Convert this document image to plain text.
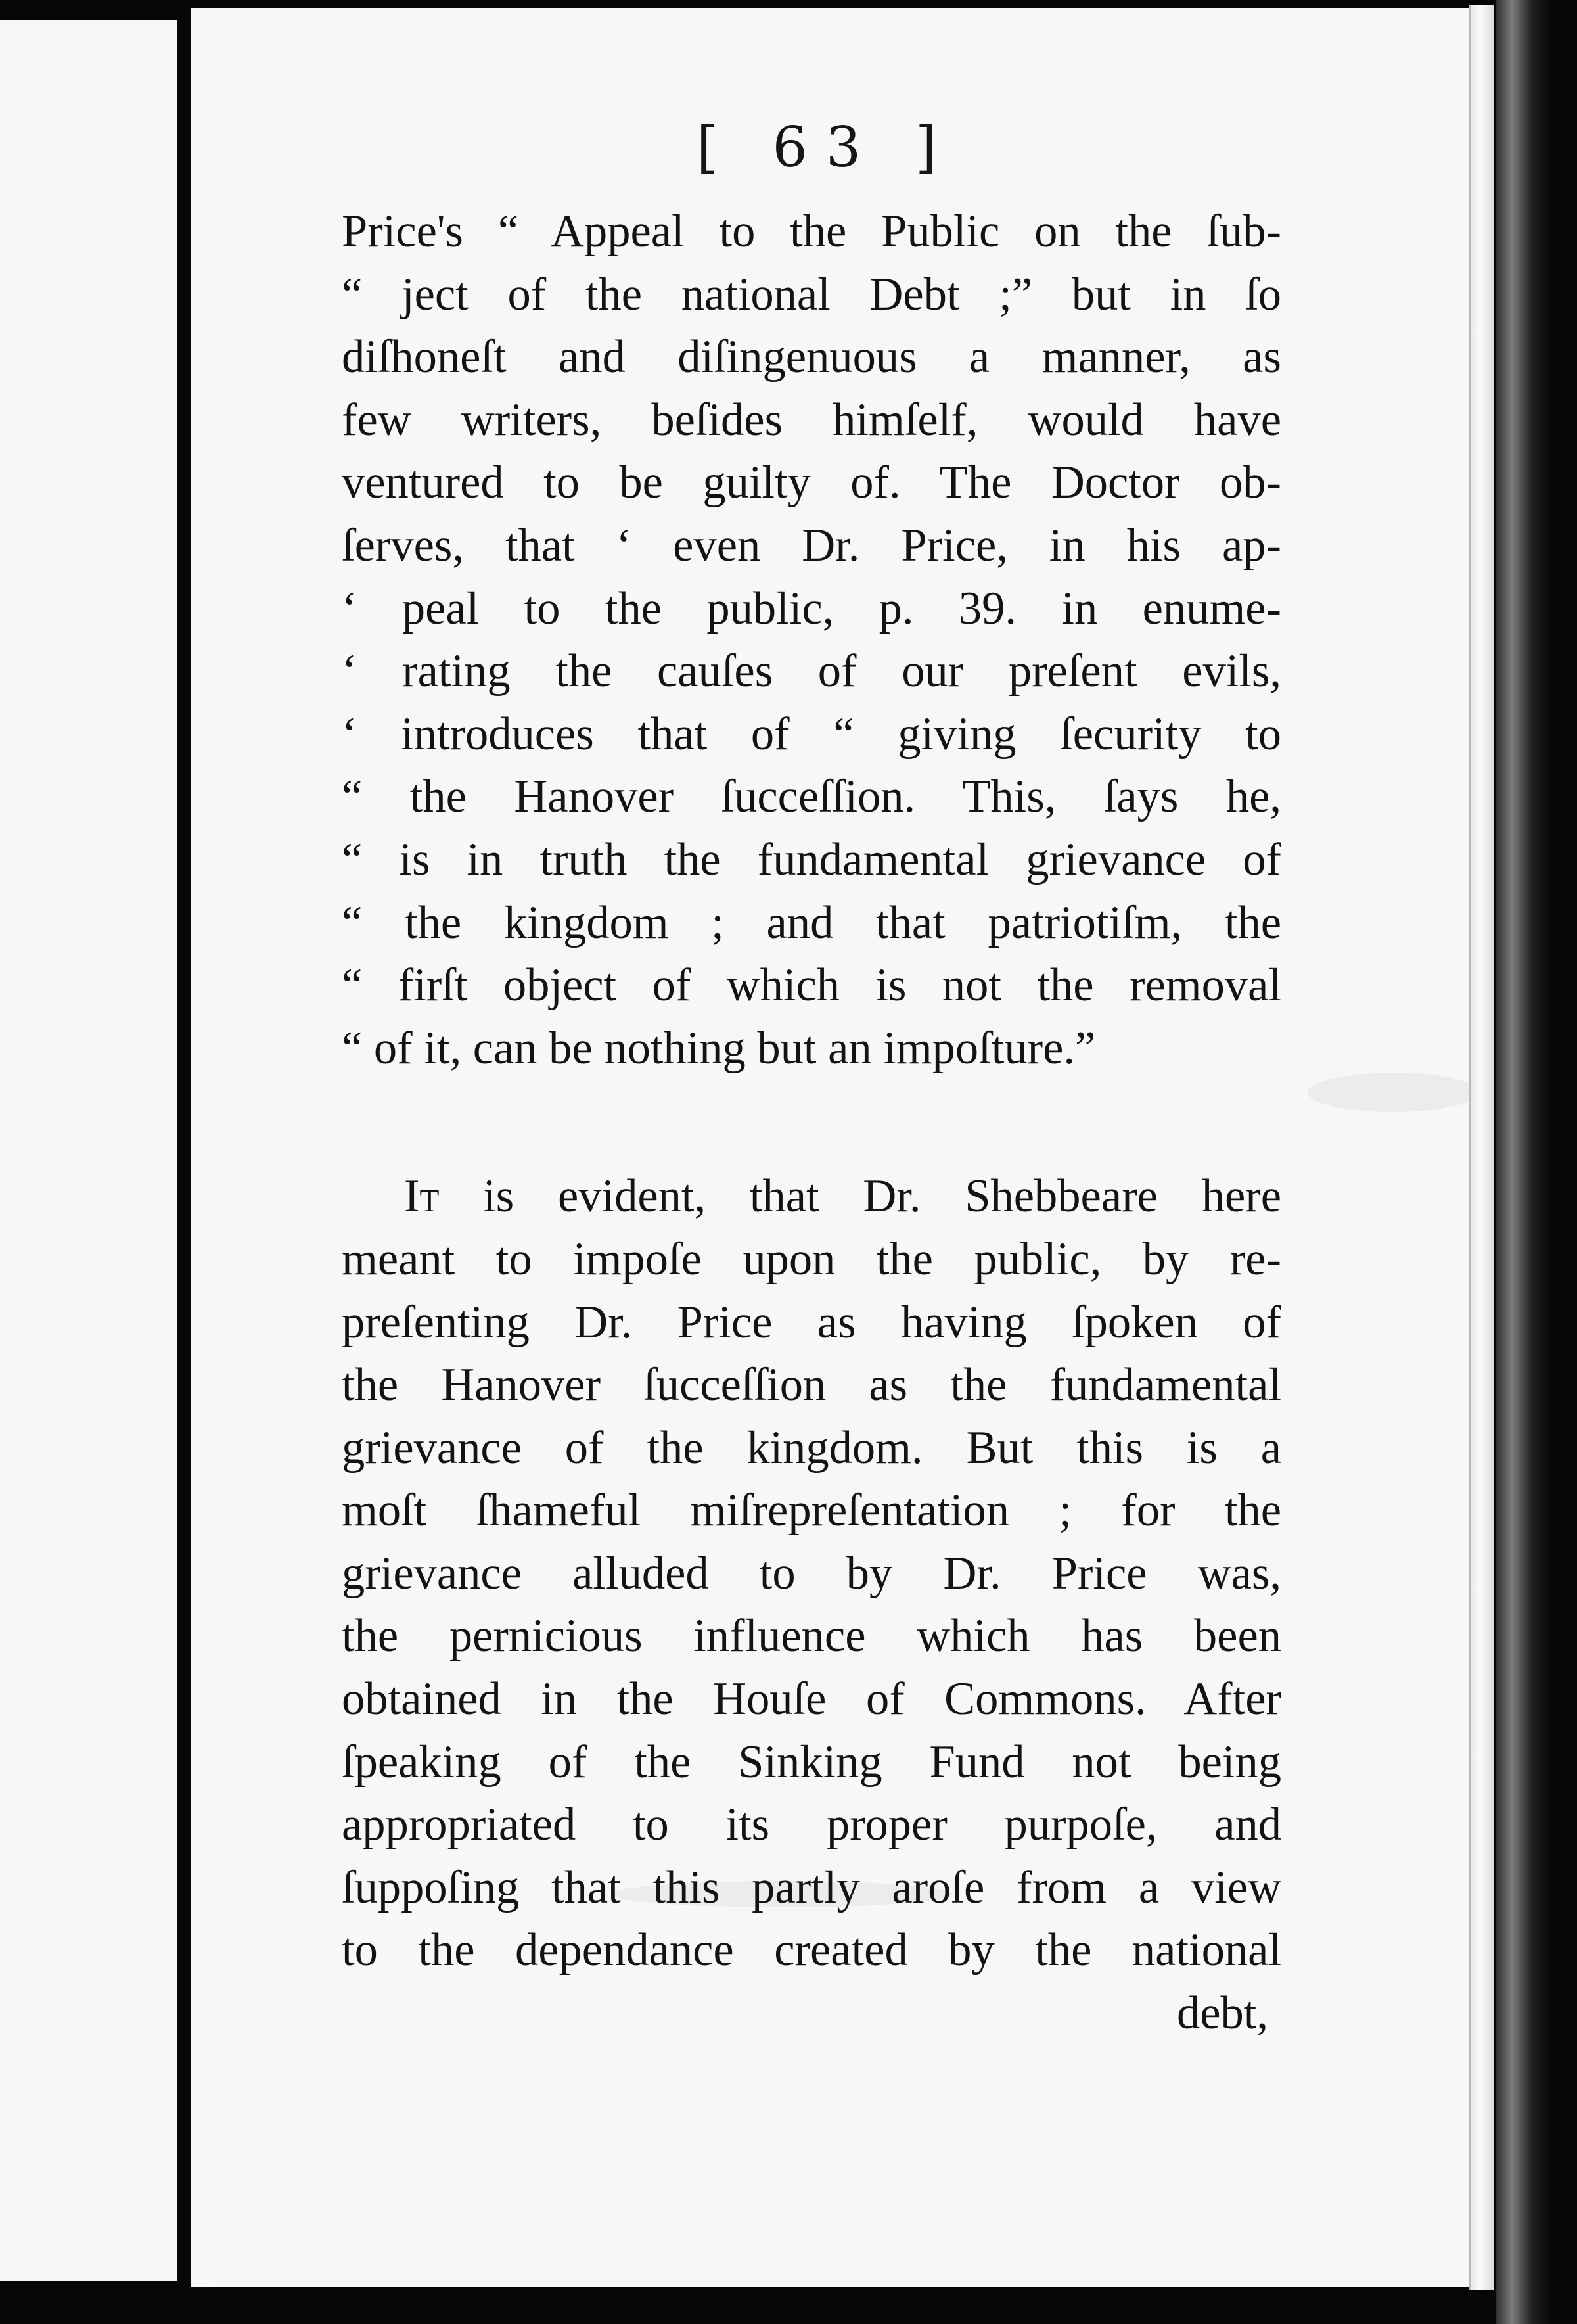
[ 63 ]
Price's “ Appeal to the Public on the ſub-
“ ject of the national Debt ;” but in ſo
diſhoneſt and diſingenuous a manner, as
few writers, beſides himſelf, would have
ventured to be guilty of. The Doctor ob-
ſerves, that ‘ even Dr. Price, in his ap-
‘ peal to the public, p. 39. in enume-
‘ rating the cauſes of our preſent evils,
‘ introduces that of “ giving ſecurity to
“ the Hanover ſucceſſion. This, ſays he,
“ is in truth the fundamental grievance of
“ the kingdom ; and that patriotiſm, the
“ firſt object of which is not the removal
“ of it, can be nothing but an impoſture.”
It is evident, that Dr. Shebbeare here
meant to impoſe upon the public, by re-
preſenting Dr. Price as having ſpoken of
the Hanover ſucceſſion as the fundamental
grievance of the kingdom. But this is a
moſt ſhameful miſrepreſentation ; for the
grievance alluded to by Dr. Price was,
the pernicious influence which has been
obtained in the Houſe of Commons. After
ſpeaking of the Sinking Fund not being
appropriated to its proper purpoſe, and
ſuppoſing that this partly aroſe from a view
to the dependance created by the national
debt,
